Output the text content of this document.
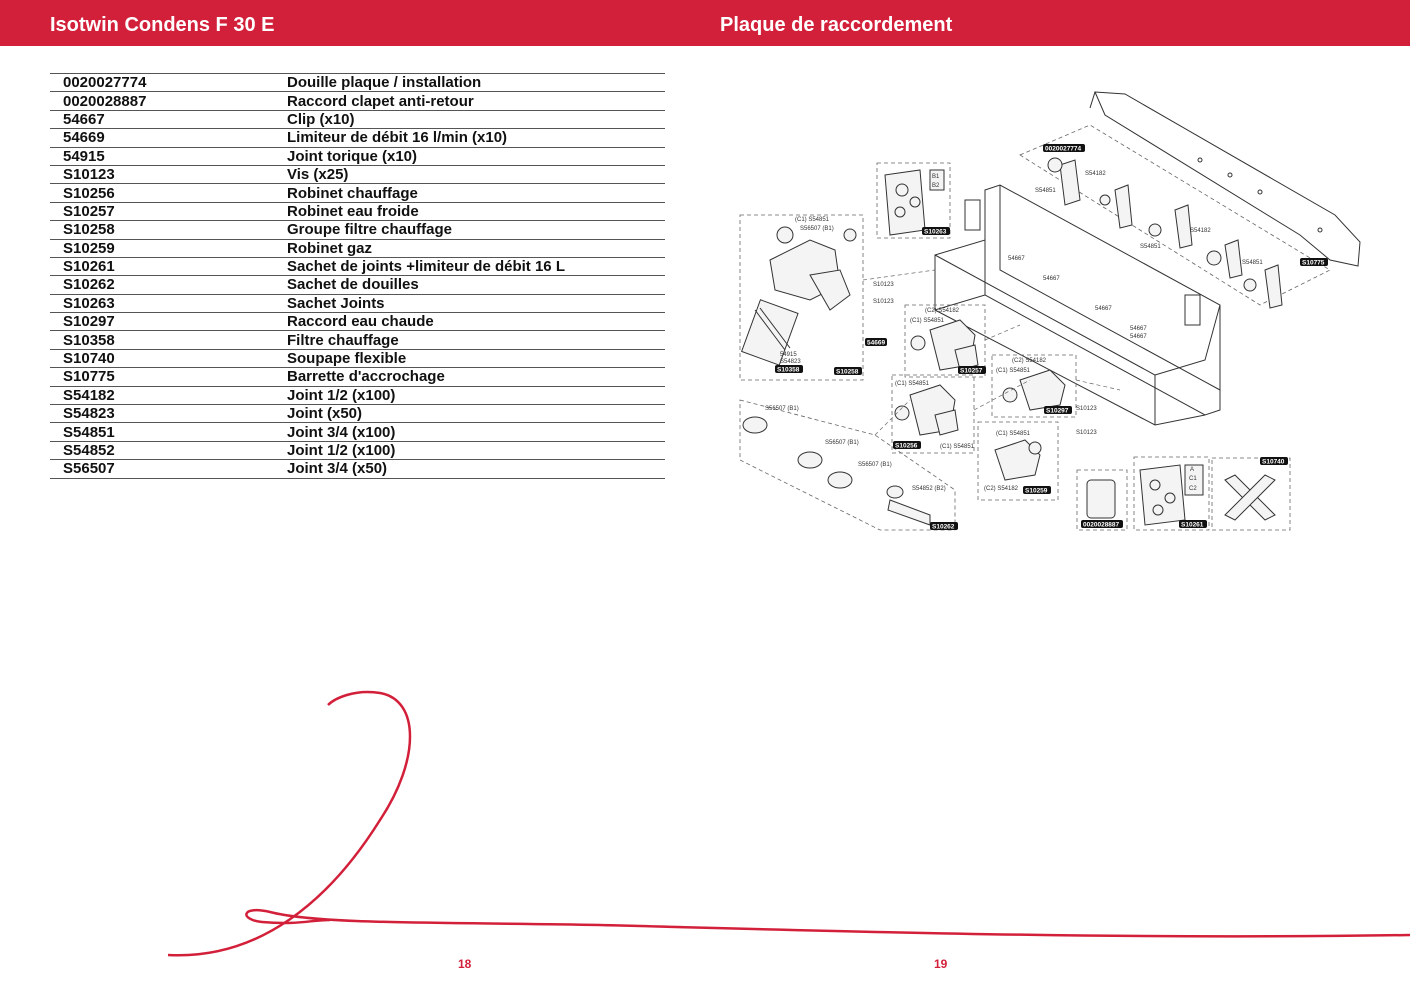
Isotwin Condens F 30 E	Plaque de raccordement
0020027774	Douille plaque / installation
0020028887	Raccord clapet anti-retour
54667	Clip (x10)
54669	Limiteur de débit 16 l/min (x10)
54915	Joint torique (x10)
S10123	Vis (x25)
S10256	Robinet chauffage
S10257	Robinet eau froide
S10258	Groupe filtre chauffage
S10259	Robinet gaz
S10261	Sachet de joints +limiteur de débit 16 L
S10262	Sachet de douilles
S10263	Sachet Joints
S10297	Raccord eau chaude
S10358	Filtre chauffage
S10740	Soupape flexible
S10775	Barrette d'accrochage
S54182	Joint 1/2 (x100)
S54823	Joint (x50)
S54851	Joint 3/4 (x100)
S54852	Joint 1/2 (x100)
S56507	Joint 3/4 (x50)
(C1) S54851
S56507 (B1)
B1
B2
S10123
S10123
(C2) S54182
(C1) S54851
54915
S54823
S54182
S54851
S54182
S54851
S54851
54667
54667
54667
54667
54667
(C2) S54182
(C1) S54851
S10123
S10123
(C1) S54851
(C1) S54851
(C2) S54182
S56507 (B1)
S56507 (B1)
S56507 (B1)
S54852 (B2)
(C1) S54851
A
C1
C2
0020027774
S10263
S10775
54669
S10358	S10258	S10257
S10297
S10256
S10259
S10262	0020028887	S10261
S10740
18	19
